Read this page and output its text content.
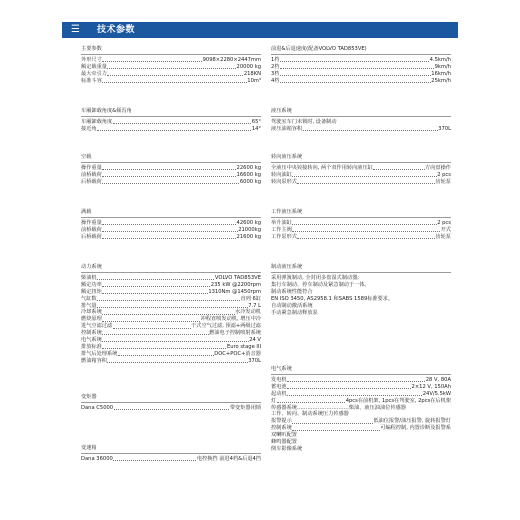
☰ 技术参数
主要参数
外形尺寸	9098×2280×2447mm
额定载重量	20000 kg
最大牵引力	218KN
标准斗容	10m³
车厢卸载角度&倾泻角
车厢卸载角度	65°
接近角	14°
空载
操作重量	22600 kg
前桥载荷	16600 kg
后桥载荷	6000 kg
满载
操作重量	42600 kg
前桥载荷	21000kg
后桥载荷	21600 kg
动力系统
柴油机	VOLVO TAD853VE
额定功率	235 kW @2200rpm
额定扭矩	1310Nm @1450rpm
气缸数	直列 6缸
排气量	7.7 L
冷却系统	水冷发动机
燃烧原理	冲程直喷发动机, 增压中冷
进气空滤过滤	干式空气过滤, 预滤+两级过滤
控制系统	燃油电子控制喷射系统
电气系统	24 V
排放标准	Euro stage III
排气后处理系统	DOC+POC+消音器
燃油箱容积	370L
变矩器
Dana C5000	带变矩器闭锁
变速箱
Dana 36000	电控换挡 前进4档&后退4挡
前进&后退速度(配备VOLVO TAD853VE)
1档	4.5km/h
2档	9km/h
3档	16km/h
4档	25km/h
液压系统
驾驶室车门未锁时, 设备制动
液压油箱容积	370L
转向液压系统
全液压中央铰接转向, 两个双作用转向液压缸	方向盘操作
转向油缸	2 pcs
转向泵形式	齿轮泵
工作液压系统
举升油缸	2 pcs
工作主阀	开式
工作泵形式	齿轮泵
制动液压系统
采用弹簧制动, 全封闭多盘湿式制动器;
集行车制动、停车制动及紧急制动于一体。
制动系统性能符合
EN ISO 3450, AS2958.1 和SABS 1589标准要求。
自动制动激活系统
手动紧急制动释放泵
电气系统
发电机	28 V, 80A
蓄电池	2×12 V, 150Ah
起动机	24V/5.5kW
灯	4pcs在前机架, 1pcs在驾驶室, 2pcs在后机架
传感器系统…………………………柴油、液压油油位传感器
工作、转向、制动系统压力传感器
报警提示	低油位报警/油压报警, 旋转报警灯
控制系统	可编程控制, 内置诊断及报警系
双喇叭配置
蜂鸣器配置
倒车影像系统
